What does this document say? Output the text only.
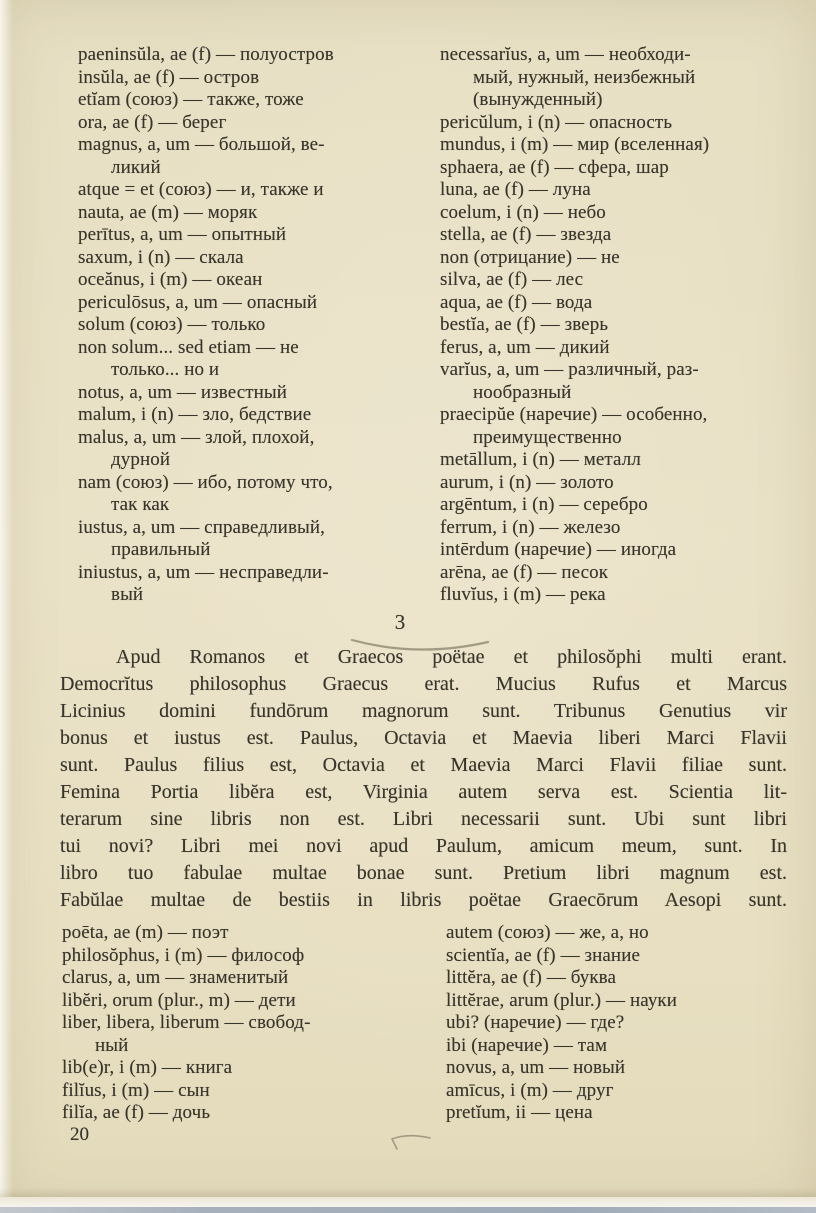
paeninsŭla, ae (f) — полуостров
insŭla, ae (f) — остров
etĭam (союз) — также, тоже
ora, ae (f) — берег
magnus, a, um — большой, ве-
ликий
atque = et (союз) — и, также и
nauta, ae (m) — моряк
perītus, a, um — опытный
saxum, i (n) — скала
oceănus, i (m) — океан
periculōsus, a, um — опасный
solum (союз) — только
non solum... sed etiam — не
только... но и
notus, a, um — известный
malum, i (n) — зло, бедствие
malus, a, um — злой, плохой,
дурной
nam (союз) — ибо, потому что,
так как
iustus, a, um — справедливый,
правильный
iniustus, a, um — несправедли-
вый
necessarĭus, a, um — необходи-
мый, нужный, неизбежный
(вынужденный)
pericŭlum, i (n) — опасность
mundus, i (m) — мир (вселенная)
sphaera, ae (f) — сфера, шар
luna, ae (f) — луна
coelum, i (n) — небо
stella, ae (f) — звезда
non (отрицание) — не
silva, ae (f) — лес
aqua, ae (f) — вода
bestĭa, ae (f) — зверь
ferus, a, um — дикий
varĭus, a, um — различный, раз-
нообразный
praecipŭe (наречие) — особенно,
преимущественно
metāllum, i (n) — металл
aurum, i (n) — золото
argēntum, i (n) — серебро
ferrum, i (n) — железо
intērdum (наречие) — иногда
arēna, ae (f) — песок
fluvĭus, i (m) — река
3
Apud Romanos et Graecos poëtae et philosŏphi multi erant.
Democrĭtus philosophus Graecus erat. Mucius Rufus et Marcus
Licinius domini fundōrum magnorum sunt. Tribunus Genutius vir
bonus et iustus est. Paulus, Octavia et Maevia liberi Marci Flavii
sunt. Paulus filius est, Octavia et Maevia Marci Flavii filiae sunt.
Femina Portia libĕra est, Virginia autem serva est. Scientia lit-
terarum sine libris non est. Libri necessarii sunt. Ubi sunt libri
tui novi? Libri mei novi apud Paulum, amicum meum, sunt. In
libro tuo fabulae multae bonae sunt. Pretium libri magnum est.
Fabŭlae multae de bestiis in libris poëtae Graecōrum Aesopi sunt.
poēta, ae (m) — поэт
philosŏphus, i (m) — философ
clarus, a, um — знаменитый
libĕri, orum (plur., m) — дети
liber, libera, liberum — свобод-
ный
lib(e)r, i (m) — книга
filĭus, i (m) — сын
filĭa, ae (f) — дочь
autem (союз) — же, а, но
scientĭa, ae (f) — знание
littĕra, ae (f) — буква
littĕrae, arum (plur.) — науки
ubi? (наречие) — где?
ibi (наречие) — там
novus, a, um — новый
amīcus, i (m) — друг
pretĭum, ii — цена
20
